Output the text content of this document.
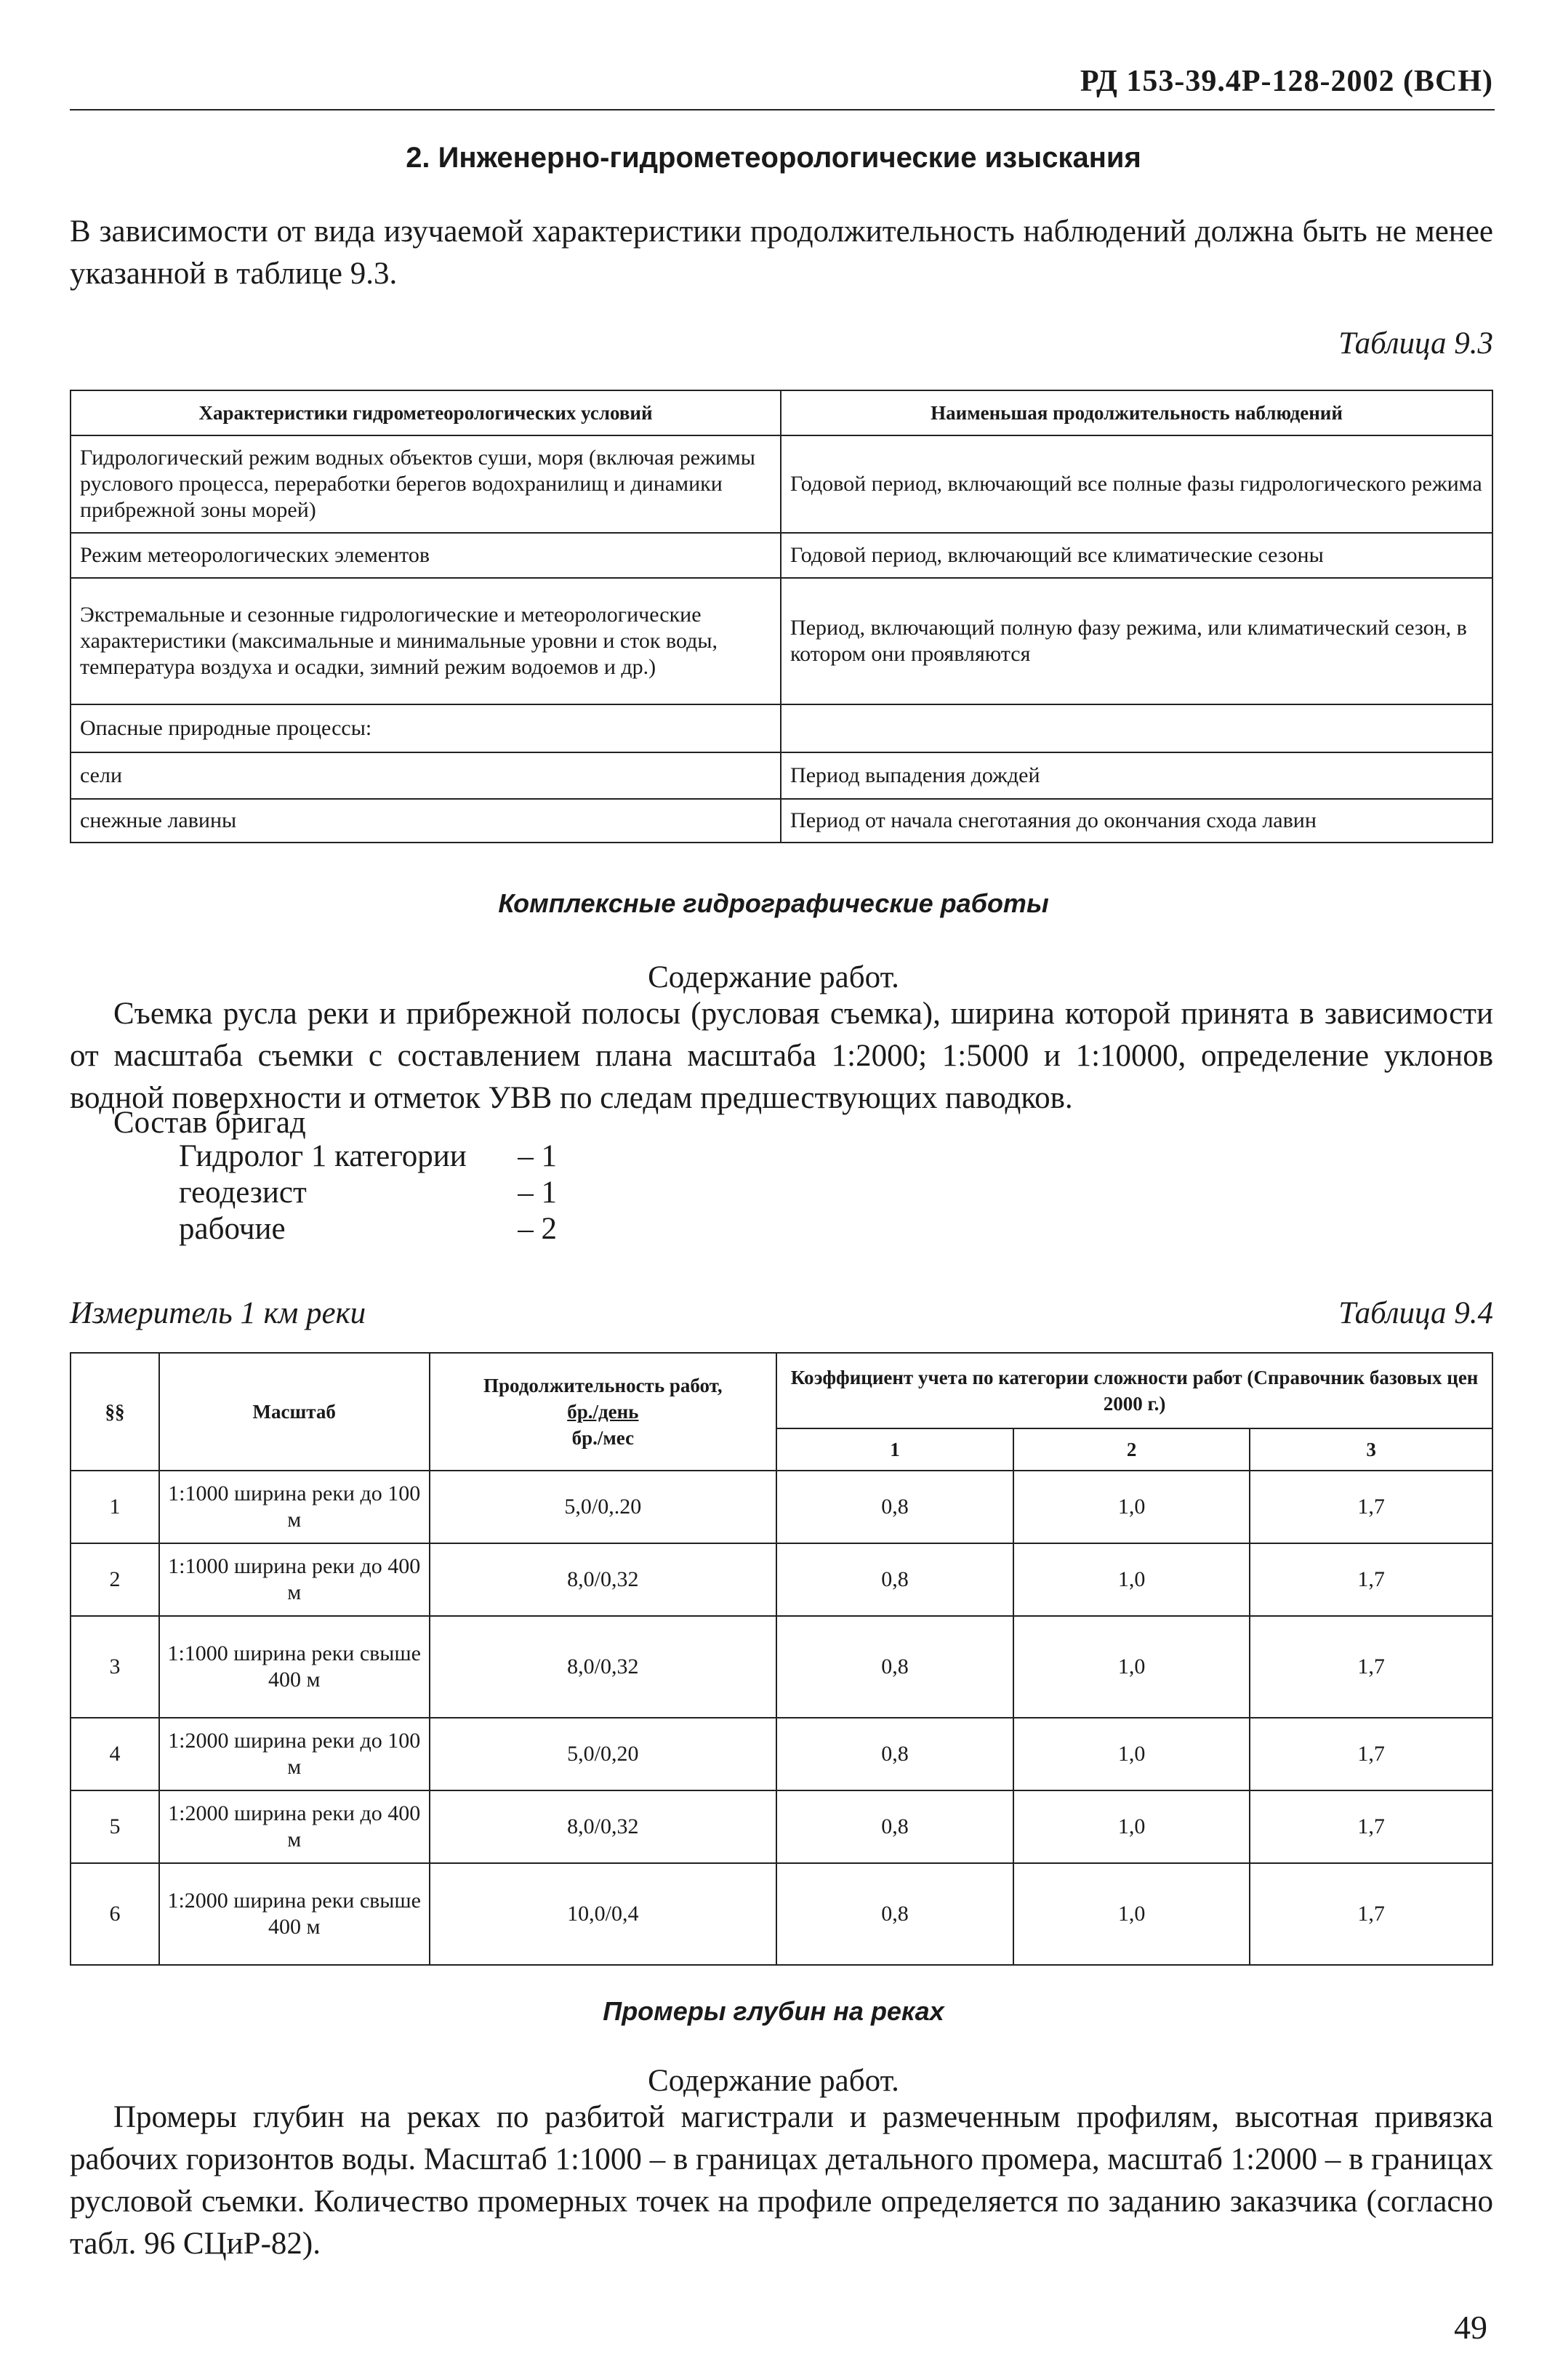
РД 153-39.4Р-128-2002 (ВСН)
2. Инженерно-гидрометеорологические изыскания
В зависимости от вида изучаемой характеристики продолжительность наблюдений должна быть не менее указанной в таблице 9.3.
Таблица 9.3
Характеристики гидрометеорологических условий	Наименьшая продолжительность наблюдений
Гидрологический режим водных объектов суши, моря (включая режимы руслового процесса, переработки берегов водохранилищ и динамики прибрежной зоны морей)	Годовой период, включающий все полные фазы гидрологического режима
Режим метеорологических элементов	Годовой период, включающий все климатические сезоны
Экстремальные и сезонные гидрологические и метеорологические характеристики (максимальные и минимальные уровни и сток воды, температура воздуха и осадки, зимний режим водоемов и др.)	Период, включающий полную фазу режима, или климатический сезон, в котором они проявляются
Опасные природные процессы:	
сели	Период выпадения дождей
снежные лавины	Период от начала снеготаяния до окончания схода лавин
Комплексные гидрографические работы
Содержание работ.
Съемка русла реки и прибрежной полосы (русловая съемка), ширина которой принята в зависимости от масштаба съемки с составлением плана масштаба 1:2000; 1:5000 и 1:10000, определение уклонов водной поверхности и отметок УВВ по следам предшествующих паводков.
Состав бригад
Гидролог 1 категории – 1
геодезист	– 1
рабочие	– 2
Измеритель 1 км реки	Таблица 9.4
§§	Масштаб	Продолжительность работ,
бр./день
бр./мес	Коэффициент учета по категории сложности работ (Справочник базовых цен 2000 г.)		
			1	2	3
1	1:1000 ширина реки до 100 м	5,0/0,.20	0,8	1,0	1,7
2	1:1000 ширина реки до 400 м	8,0/0,32	0,8	1,0	1,7
3	1:1000 ширина реки свыше 400 м	8,0/0,32	0,8	1,0	1,7
4	1:2000 ширина реки до 100 м	5,0/0,20	0,8	1,0	1,7
5	1:2000 ширина реки до 400 м	8,0/0,32	0,8	1,0	1,7
6	1:2000 ширина реки свыше 400 м	10,0/0,4	0,8	1,0	1,7
Промеры глубин на реках
Содержание работ.
Промеры глубин на реках по разбитой магистрали и размеченным профилям, высотная привязка рабочих горизонтов воды. Масштаб 1:1000 – в границах детального промера, масштаб 1:2000 – в границах русловой съемки. Количество промерных точек на профиле определяется по заданию заказчика (согласно табл. 96 СЦиР-82).
49
